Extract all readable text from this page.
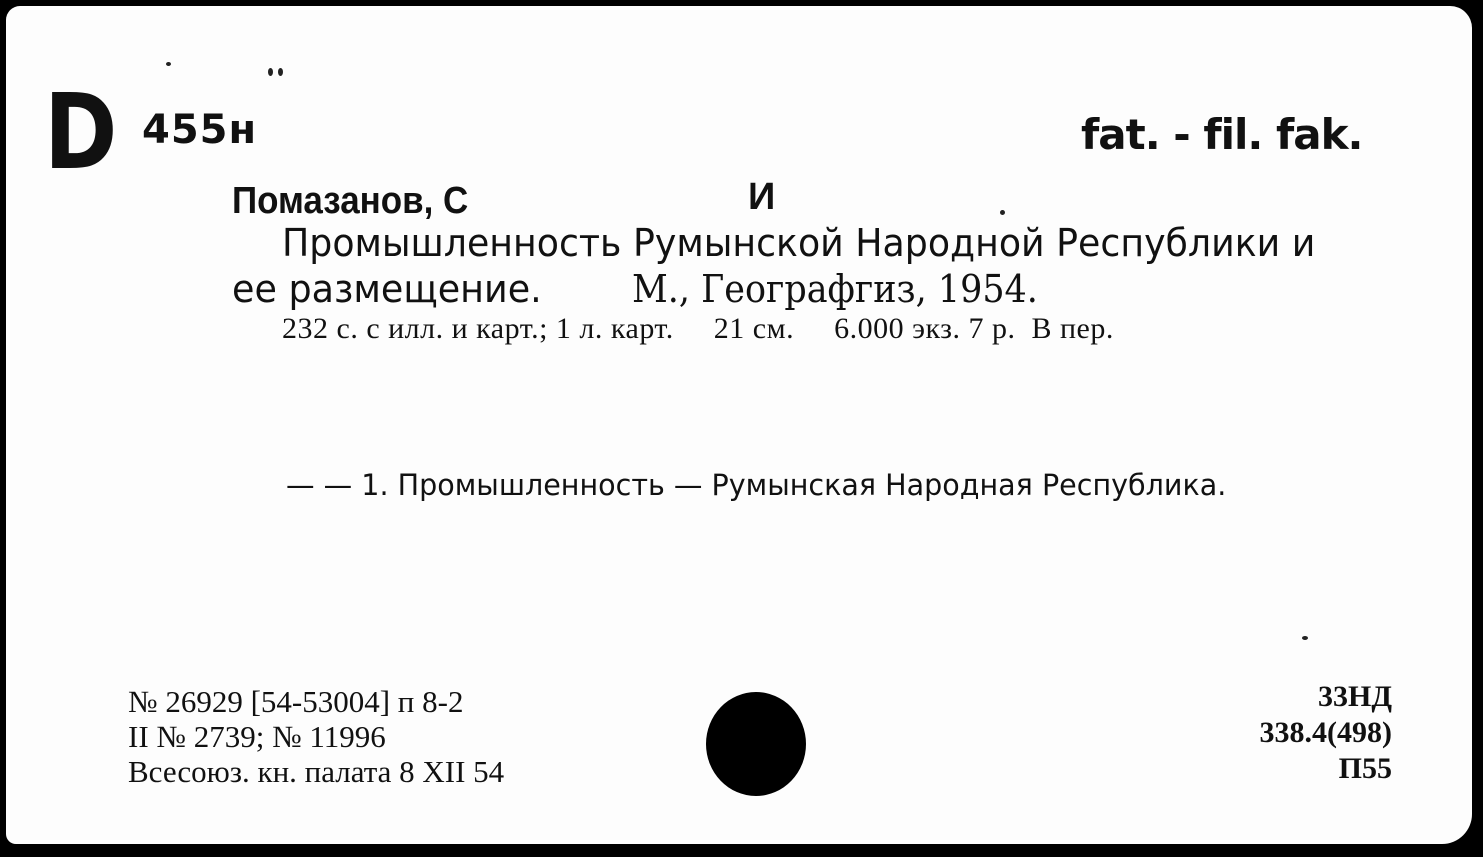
D 455н	fat. - fil. fak.
Помазанов, С	И
Промышленность Румынской Народной Республики и
ее размещение. М., Географгиз, 1954.
232 с. с илл. и карт.; 1 л. карт.     21 см.     6.000 экз. 7 р.  В пер.
— — 1. Промышленность — Румынская Народная Республика.
№ 26929 [54-53004] п 8-2
II № 2739; № 11996
Всесоюз. кн. палата 8 XII 54
33НД
338.4(498)
П55
